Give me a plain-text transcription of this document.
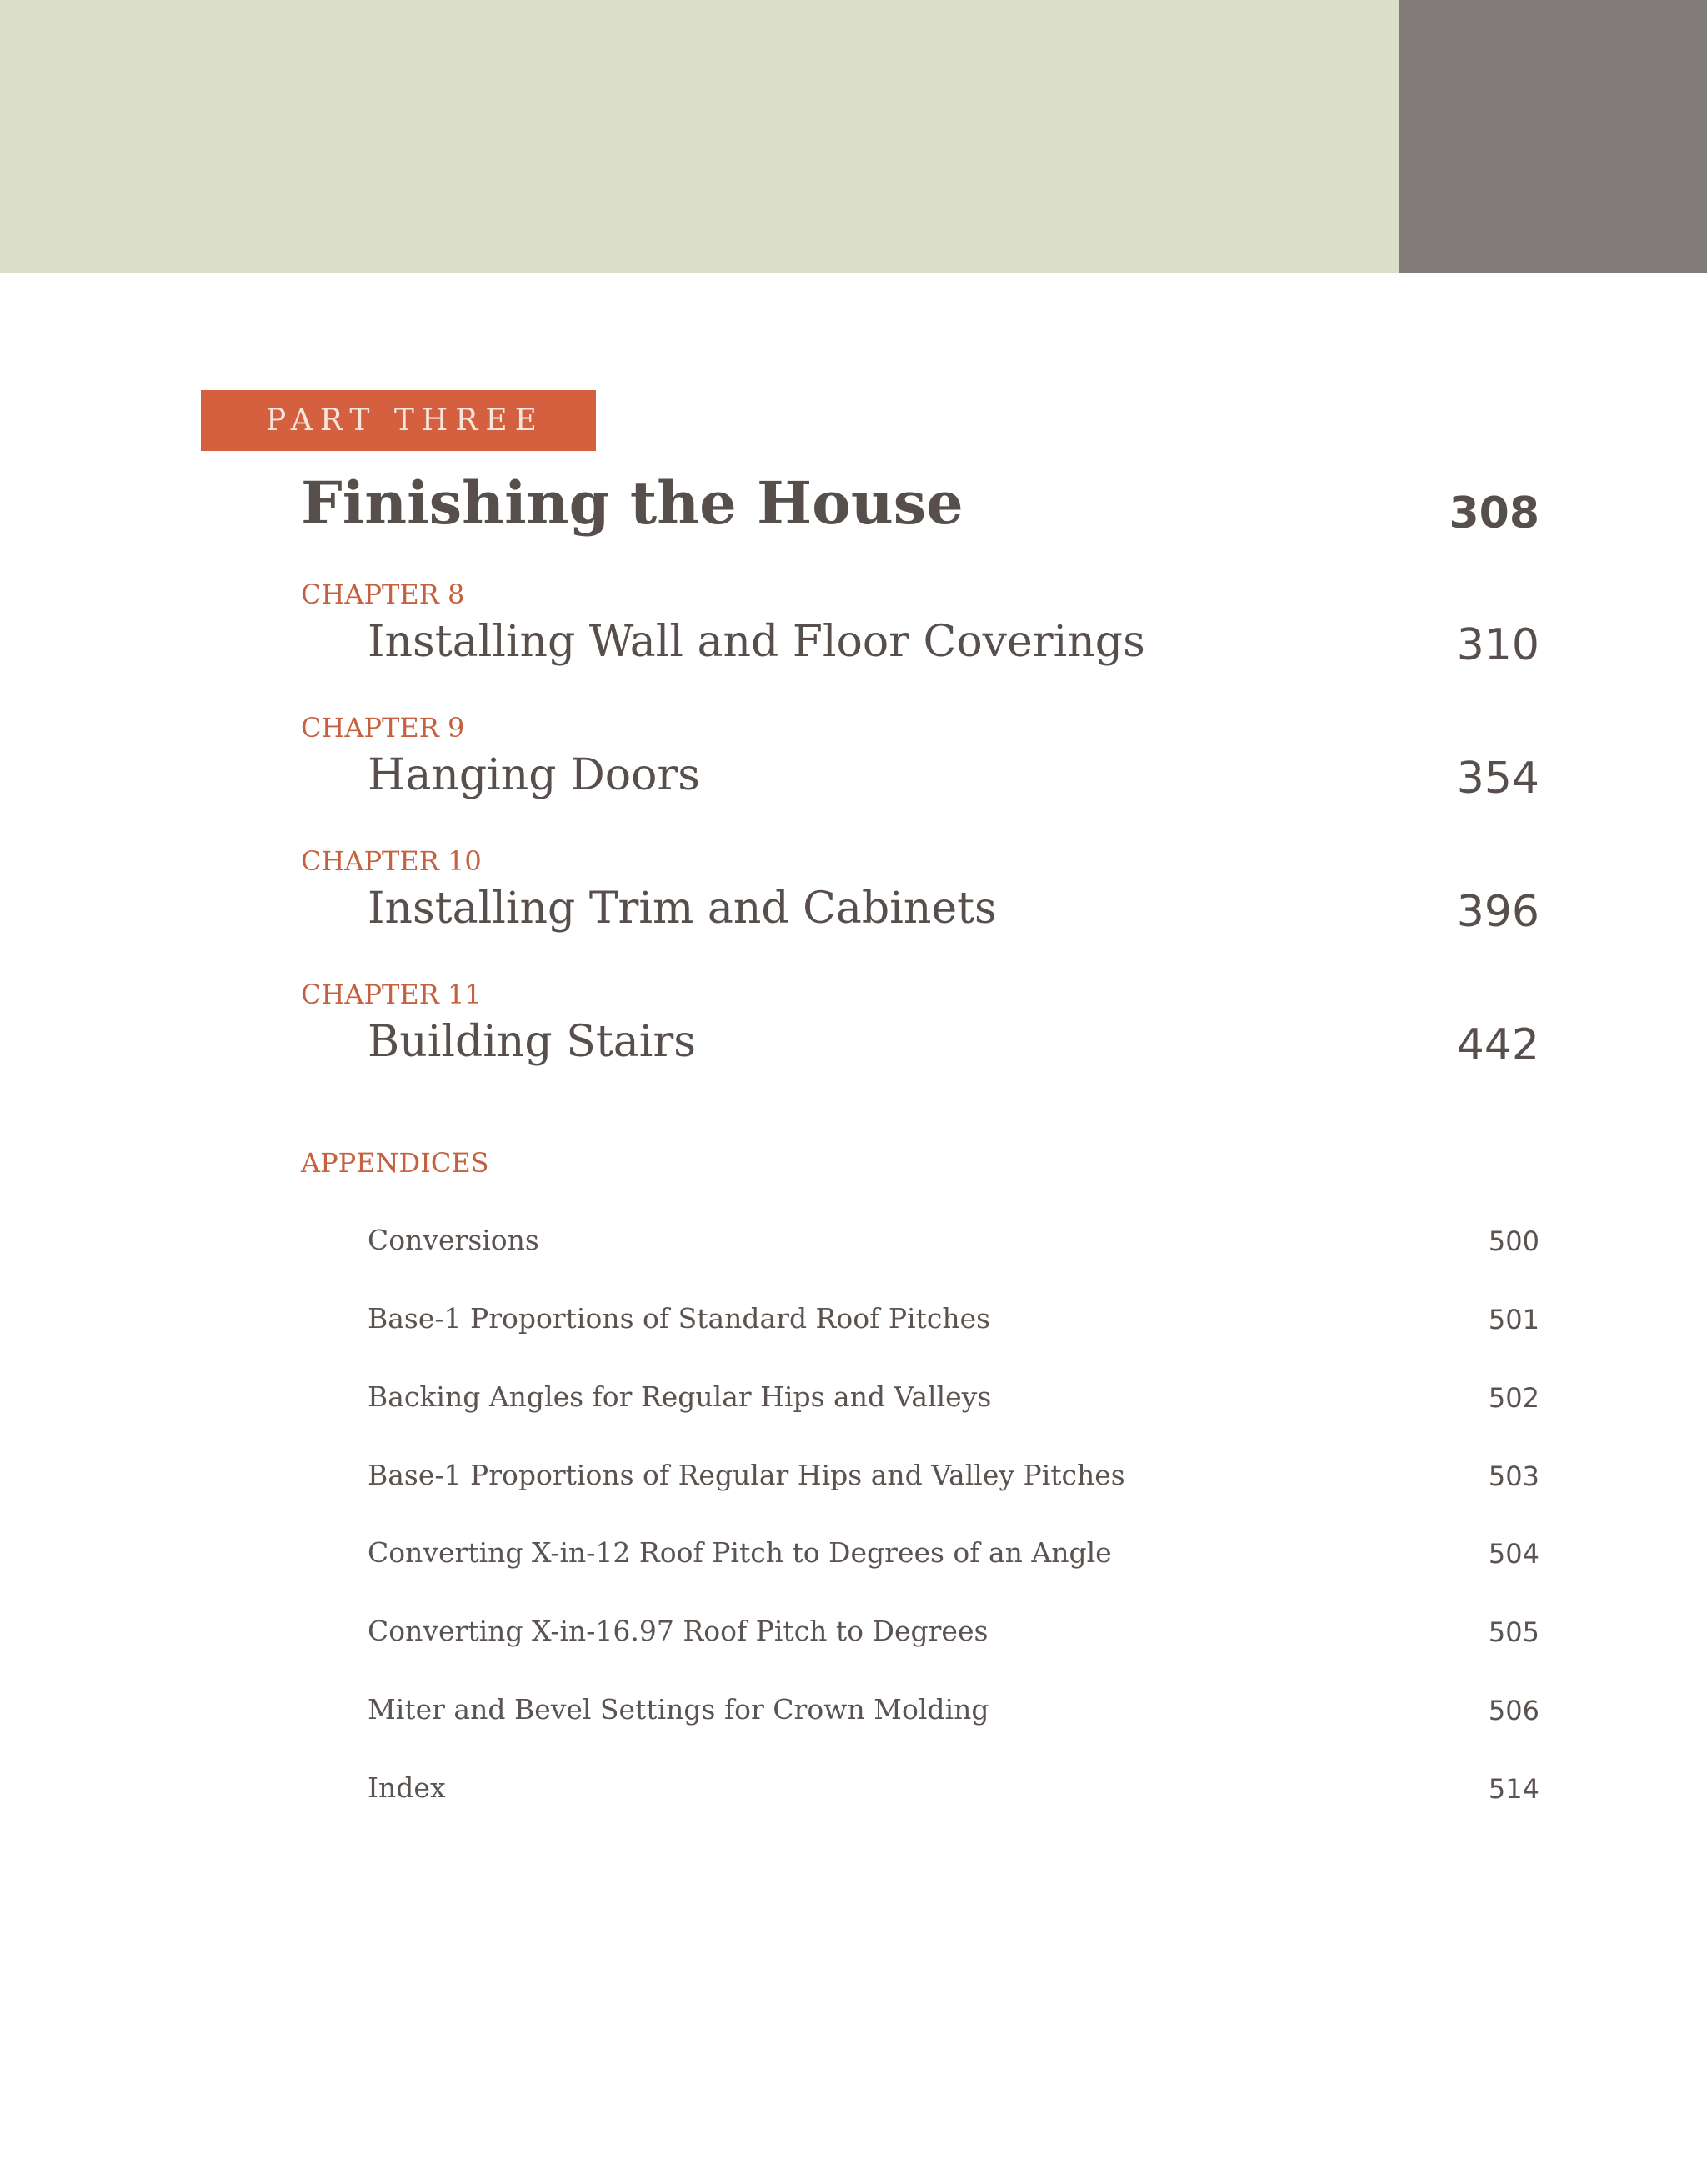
PART THREE
Finishing the House	308
CHAPTER 8
Installing Wall and Floor Coverings	310
CHAPTER 9
Hanging Doors	354
CHAPTER 10
Installing Trim and Cabinets	396
CHAPTER 11
Building Stairs	442
APPENDICES
Conversions	500
Base-1 Proportions of Standard Roof Pitches	501
Backing Angles for Regular Hips and Valleys	502
Base-1 Proportions of Regular Hips and Valley Pitches	503
Converting X-in-12 Roof Pitch to Degrees of an Angle	504
Converting X-in-16.97 Roof Pitch to Degrees	505
Miter and Bevel Settings for Crown Molding	506
Index	514
